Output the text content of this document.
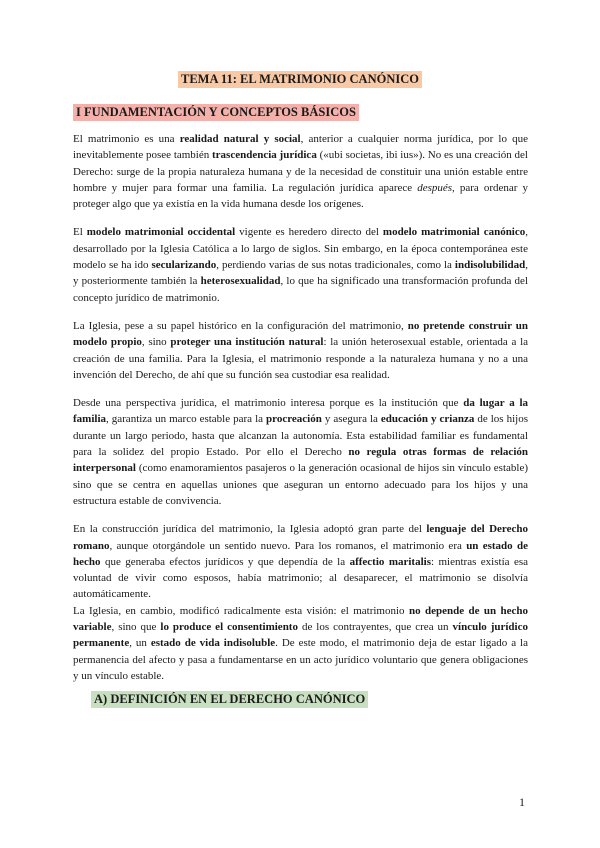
TEMA 11: EL MATRIMONIO CANÓNICO
I FUNDAMENTACIÓN Y CONCEPTOS BÁSICOS

El matrimonio es una realidad natural y social, anterior a cualquier norma jurídica, por lo que inevitablemente posee también trascendencia jurídica («ubi societas, ibi ius»). No es una creación del Derecho: surge de la propia naturaleza humana y de la necesidad de constituir una unión estable entre hombre y mujer para formar una familia. La regulación jurídica aparece después, para ordenar y proteger algo que ya existía en la vida humana desde los orígenes.

El modelo matrimonial occidental vigente es heredero directo del modelo matrimonial canónico, desarrollado por la Iglesia Católica a lo largo de siglos. Sin embargo, en la época contemporánea este modelo se ha ido secularizando, perdiendo varias de sus notas tradicionales, como la indisolubilidad, y posteriormente también la heterosexualidad, lo que ha significado una transformación profunda del concepto jurídico de matrimonio.

La Iglesia, pese a su papel histórico en la configuración del matrimonio, no pretende construir un modelo propio, sino proteger una institución natural: la unión heterosexual estable, orientada a la creación de una familia. Para la Iglesia, el matrimonio responde a la naturaleza humana y no a una invención del Derecho, de ahí que su función sea custodiar esa realidad.

Desde una perspectiva jurídica, el matrimonio interesa porque es la institución que da lugar a la familia, garantiza un marco estable para la procreación y asegura la educación y crianza de los hijos durante un largo periodo, hasta que alcanzan la autonomía. Esta estabilidad familiar es fundamental para la solidez del propio Estado. Por ello el Derecho no regula otras formas de relación interpersonal (como enamoramientos pasajeros o la generación ocasional de hijos sin vínculo estable) sino que se centra en aquellas uniones que aseguran un entorno adecuado para los hijos y una estructura estable de convivencia.

En la construcción jurídica del matrimonio, la Iglesia adoptó gran parte del lenguaje del Derecho romano, aunque otorgándole un sentido nuevo. Para los romanos, el matrimonio era un estado de hecho que generaba efectos jurídicos y que dependía de la affectio maritalis: mientras existía esa voluntad de vivir como esposos, había matrimonio; al desaparecer, el matrimonio se disolvía automáticamente.

La Iglesia, en cambio, modificó radicalmente esta visión: el matrimonio no depende de un hecho variable, sino que lo produce el consentimiento de los contrayentes, que crea un vínculo jurídico permanente, un estado de vida indisoluble. De este modo, el matrimonio deja de estar ligado a la permanencia del afecto y pasa a fundamentarse en un acto jurídico voluntario que genera obligaciones y un vínculo estable.

A) DEFINICIÓN EN EL DERECHO CANÓNICO
1
